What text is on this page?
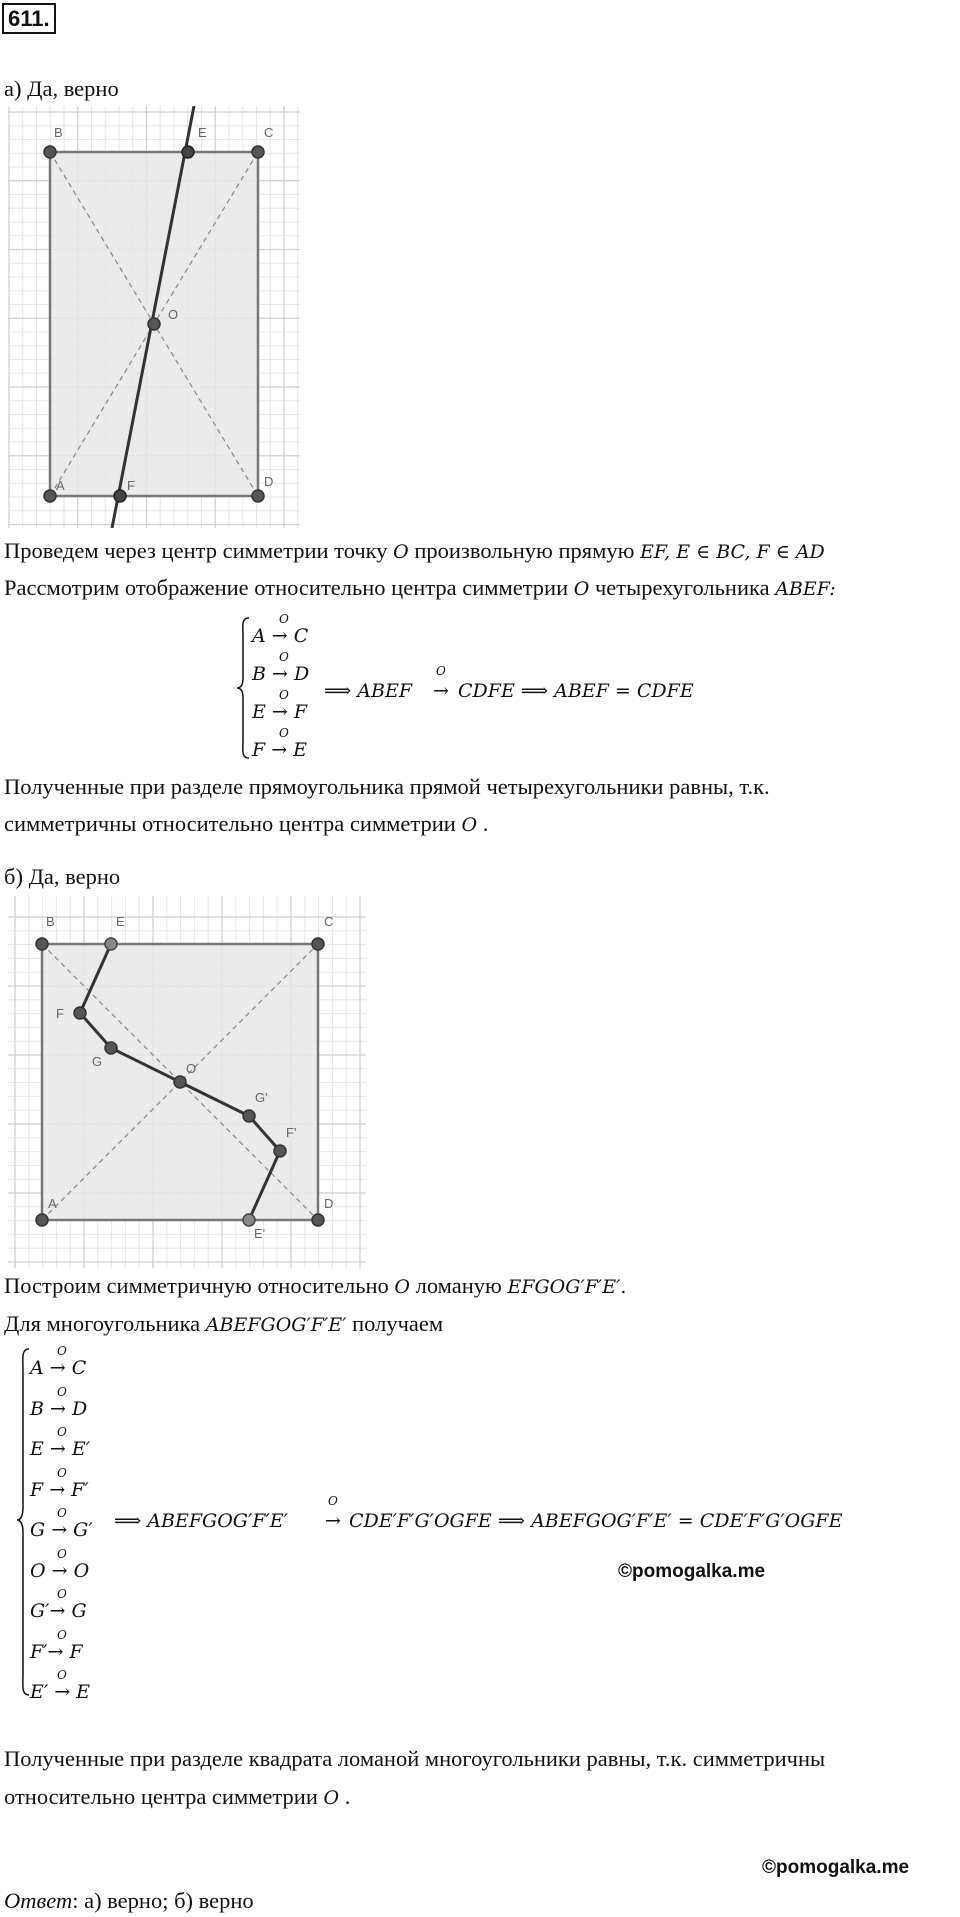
611.
а) Да, верно
B	E	C
O
A	F	D
Проведем через центр симметрии точку O произвольную прямую EF, E ∈ BC, F ∈ AD
Рассмотрим отображение относительно центра симметрии O четырехугольника ABEF:
O
A → C
O
B → D
O
E → F
O
F → E
⟹ ABEF
O
→ CDFE ⟹ ABEF = CDFE
Полученные при разделе прямоугольника прямой четырехугольники равны, т.к.
симметричны относительно центра симметрии O .
б) Да, верно
B	E	C
F
G	O
G'
F'
A
E'
D
Построим симметричную относительно O ломаную EFGOG′F′E′.
Для многоугольника ABEFGOG′F′E′ получаем
O
A → C
O
B → D
O
E → E′
O
F → F′
O
G → G′
O
O → O
O
G′→ G
O
F′→ F
O
E′ → E
⟹ ABEFGOG′F′E′
O
→ CDE′F′G′OGFE ⟹ ABEFGOG′F′E′ = CDE′F′G′OGFE
©pomogalka.me
Полученные при разделе квадрата ломаной многоугольники равны, т.к. симметричны
относительно центра симметрии O .
©pomogalka.me
Ответ: а) верно; б) верно
